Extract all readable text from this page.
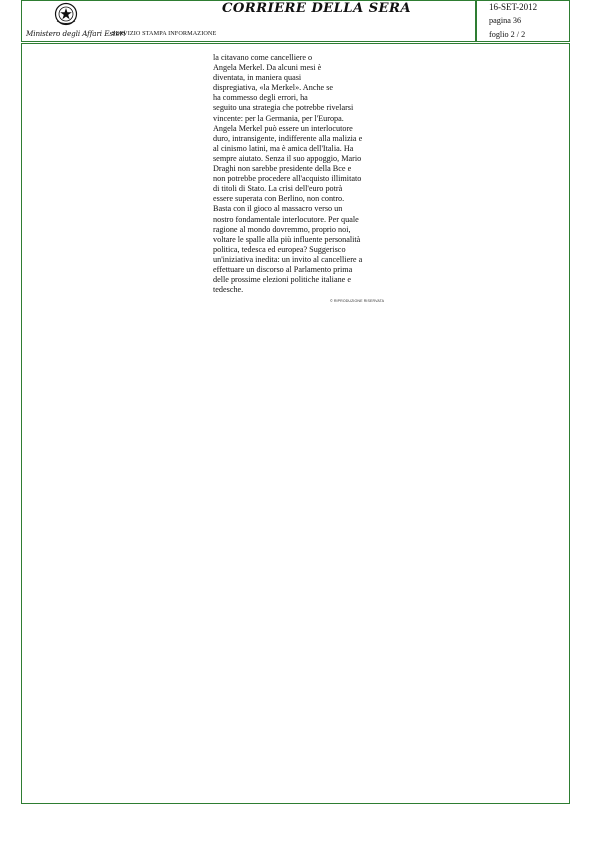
Ministero degli Affari Esteri
SERVIZIO STAMPA INFORMAZIONE
CORRIERE DELLA SERA	16-SET-2012
pagina 36
foglio 2 / 2
la citavano come cancelliere o
Angela Merkel. Da alcuni mesi è
diventata, in maniera quasi
dispregiativa, «la Merkel». Anche se
ha commesso degli errori, ha
seguito una strategia che potrebbe rivelarsi
vincente: per la Germania, per l'Europa.
Angela Merkel può essere un interlocutore
duro, intransigente, indifferente alla malizia e
al cinismo latini, ma è amica dell'Italia. Ha
sempre aiutato. Senza il suo appoggio, Mario
Draghi non sarebbe presidente della Bce e
non potrebbe procedere all'acquisto illimitato
di titoli di Stato. La crisi dell'euro potrà
essere superata con Berlino, non contro.
Basta con il gioco al massacro verso un
nostro fondamentale interlocutore. Per quale
ragione al mondo dovremmo, proprio noi,
voltare le spalle alla più influente personalità
politica, tedesca ed europea? Suggerisco
un'iniziativa inedita: un invito al cancelliere a
effettuare un discorso al Parlamento prima
delle prossime elezioni politiche italiane e
tedesche.
© RIPRODUZIONE RISERVATA
